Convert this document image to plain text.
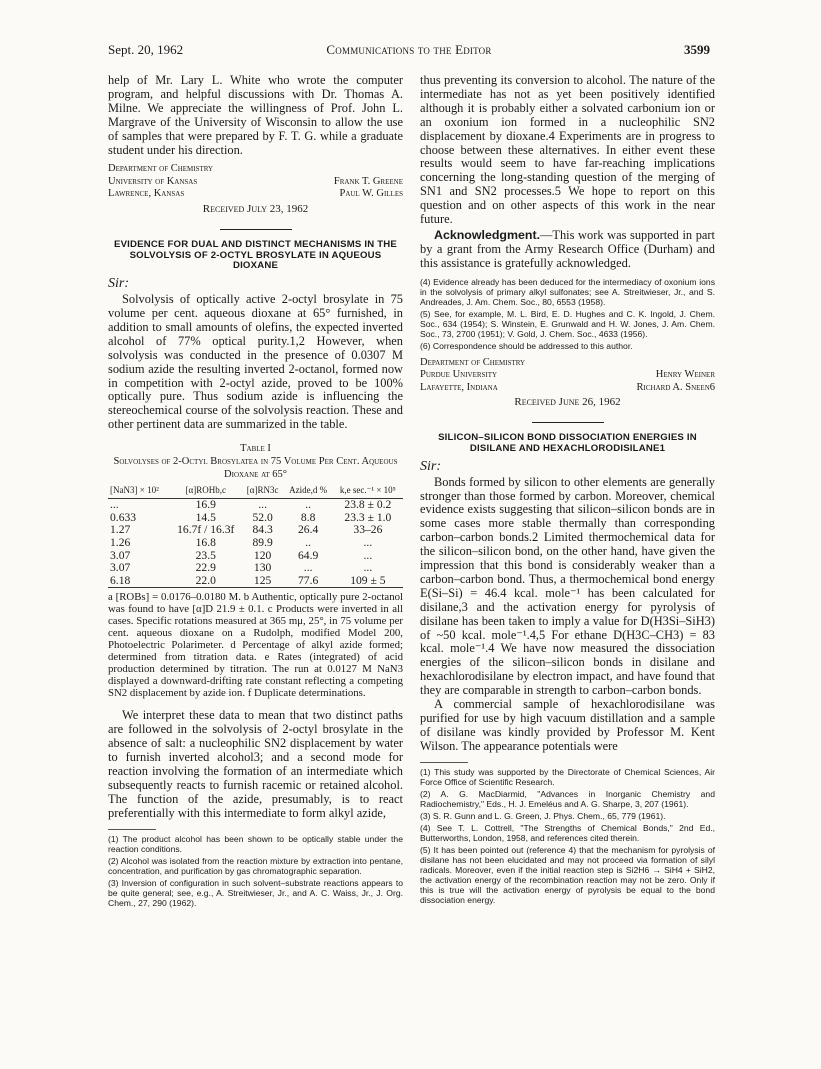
Sept. 20, 1962	Communications to the Editor	3599

help of Mr. Lary L. White who wrote the computer program, and helpful discussions with Dr. Thomas A. Milne. We appreciate the willingness of Prof. John L. Margrave of the University of Wisconsin to allow the use of samples that were prepared by F. T. G. while a graduate student under his direction.

Department of Chemistry
University of Kansas	Frank T. Greene
Lawrence, Kansas	Paul W. Gilles
Received July 23, 1962
EVIDENCE FOR DUAL AND DISTINCT MECHANISMS IN THE SOLVOLYSIS OF 2-OCTYL BROSYLATE IN AQUEOUS DIOXANE
Sir:

Solvolysis of optically active 2-octyl brosylate in 75 volume per cent. aqueous dioxane at 65° furnished, in addition to small amounts of olefins, the expected inverted alcohol of 77% optical purity.1,2 However, when solvolysis was conducted in the presence of 0.0307 M sodium azide the resulting inverted 2-octanol, formed now in competition with 2-octyl azide, proved to be 100% optically pure. Thus sodium azide is influencing the stereochemical course of the solvolysis reaction. These and other pertinent data are summarized in the table.

Table I
Solvolyses of 2-Octyl Brosylatea in 75 Volume Per Cent. Aqueous Dioxane at 65°
[NaN3] × 10²	[α]ROHb,c	[α]RN3c	Azide,d %	k,e sec.⁻¹ × 10⁵
...	16.9	...	..	23.8 ± 0.2
0.633	14.5	52.0	8.8	23.3 ± 1.0
1.27	16.7f / 16.3f	84.3	26.4	33–26
1.26	16.8	89.9	..	...
3.07	23.5	120	64.9	...
3.07	22.9	130	...	...
6.18	22.0	125	77.6	109 ± 5
a [ROBs] = 0.0176–0.0180 M. b Authentic, optically pure 2-octanol was found to have [α]D 21.9 ± 0.1. c Products were inverted in all cases. Specific rotations measured at 365 mμ, 25°, in 75 volume per cent. aqueous dioxane on a Rudolph, modified Model 200, Photoelectric Polarimeter. d Percentage of alkyl azide formed; determined from titration data. e Rates (integrated) of acid production determined by titration. The run at 0.0127 M NaN3 displayed a downward-drifting rate constant reflecting a competing SN2 displacement by azide ion. f Duplicate determinations.

We interpret these data to mean that two distinct paths are followed in the solvolysis of 2-octyl brosylate in the absence of salt: a nucleophilic SN2 displacement by water to furnish inverted alcohol3; and a second mode for reaction involving the formation of an intermediate which subsequently reacts to furnish racemic or retained alcohol. The function of the azide, presumably, is to react preferentially with this intermediate to form alkyl azide,

(1) The product alcohol has been shown to be optically stable under the reaction conditions.
(2) Alcohol was isolated from the reaction mixture by extraction into pentane, concentration, and purification by gas chromatographic separation.
(3) Inversion of configuration in such solvent–substrate reactions appears to be quite general; see, e.g., A. Streitwieser, Jr., and A. C. Waiss, Jr., J. Org. Chem., 27, 290 (1962).

thus preventing its conversion to alcohol. The nature of the intermediate has not as yet been positively identified although it is probably either a solvated carbonium ion or an oxonium ion formed in a nucleophilic SN2 displacement by dioxane.4 Experiments are in progress to choose between these alternatives. In either event these results would seem to have far-reaching implications concerning the long-standing question of the merging of SN1 and SN2 processes.5 We hope to report on this question and on other aspects of this work in the near future.

Acknowledgment.—This work was supported in part by a grant from the Army Research Office (Durham) and this assistance is gratefully acknowledged.

(4) Evidence already has been deduced for the intermediacy of oxonium ions in the solvolysis of primary alkyl sulfonates; see A. Streitwieser, Jr., and S. Andreades, J. Am. Chem. Soc., 80, 6553 (1958).
(5) See, for example, M. L. Bird, E. D. Hughes and C. K. Ingold, J. Chem. Soc., 634 (1954); S. Winstein, E. Grunwald and H. W. Jones, J. Am. Chem. Soc., 73, 2700 (1951); V. Gold, J. Chem. Soc., 4633 (1956).
(6) Correspondence should be addressed to this author.
Department of Chemistry
Purdue University	Henry Weiner
Lafayette, Indiana	Richard A. Sneen6
Received June 26, 1962
SILICON–SILICON BOND DISSOCIATION ENERGIES IN DISILANE AND HEXACHLORODISILANE1
Sir:

Bonds formed by silicon to other elements are generally stronger than those formed by carbon. Moreover, chemical evidence exists suggesting that silicon–silicon bonds are in some cases more stable thermally than corresponding carbon–carbon bonds.2 Limited thermochemical data for the silicon–silicon bond, on the other hand, have given the impression that this bond is considerably weaker than a carbon–carbon bond. Thus, a thermochemical bond energy E(Si–Si) = 46.4 kcal. mole⁻¹ has been calculated for disilane,3 and the activation energy for pyrolysis of disilane has been taken to imply a value for D(H3Si–SiH3) of ~50 kcal. mole⁻¹.4,5 For ethane D(H3C–CH3) = 83 kcal. mole⁻¹.4 We have now measured the dissociation energies of the silicon–silicon bonds in disilane and hexachlorodisilane by electron impact, and have found that they are comparable in strength to carbon–carbon bonds.

A commercial sample of hexachlorodisilane was purified for use by high vacuum distillation and a sample of disilane was kindly provided by Professor M. Kent Wilson. The appearance potentials were

(1) This study was supported by the Directorate of Chemical Sciences, Air Force Office of Scientific Research.
(2) A. G. MacDiarmid, "Advances in Inorganic Chemistry and Radiochemistry," Eds., H. J. Emeléus and A. G. Sharpe, 3, 207 (1961).
(3) S. R. Gunn and L. G. Green, J. Phys. Chem., 65, 779 (1961).
(4) See T. L. Cottrell, "The Strengths of Chemical Bonds," 2nd Ed., Butterworths, London, 1958, and references cited therein.
(5) It has been pointed out (reference 4) that the mechanism for pyrolysis of disilane has not been elucidated and may not proceed via formation of silyl radicals. Moreover, even if the initial reaction step is Si2H6 → SiH4 + SiH2, the activation energy of the recombination reaction may not be zero. Only if this is true will the activation energy of pyrolysis be equal to the bond dissociation energy.
